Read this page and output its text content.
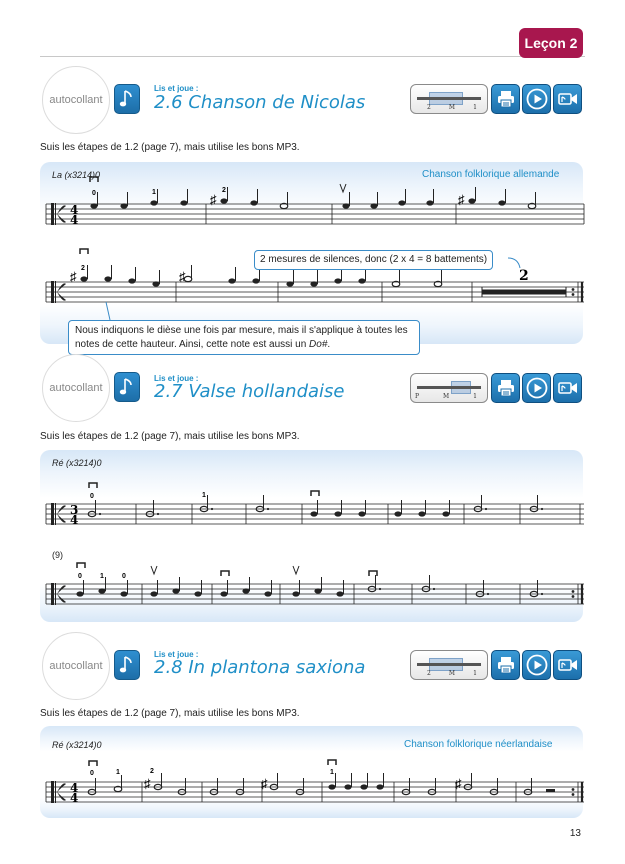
Leçon 2
autocollant
Lis et joue :
2.6 Chanson de Nicolas	2	M	1
Suis les étapes de 1.2 (page 7), mais utilise les bons MP3.
La (x3214)0	Chanson folklorique allemande
4
4
♯	♯
0	1	2
♯	♯
2	2
2 mesures de silences, donc (2 x 4 = 8 battements)
Nous indiquons le dièse une fois par mesure, mais il s'applique à toutes les notes de cette hauteur. Ainsi, cette note est aussi un Do#.
autocollant
Lis et joue :
2.7 Valse hollandaise	P	M	1
Suis les étapes de 1.2 (page 7), mais utilise les bons MP3.
Ré (x3214)0
3
4
0	1
(9)
0	1	0
autocollant
Lis et joue :
2.8 In plantona saxiona	2	M	1
Suis les étapes de 1.2 (page 7), mais utilise les bons MP3.
Ré (x3214)0	Chanson folklorique néerlandaise
4
4
♯	♯	♯
0	1	2	1
13
